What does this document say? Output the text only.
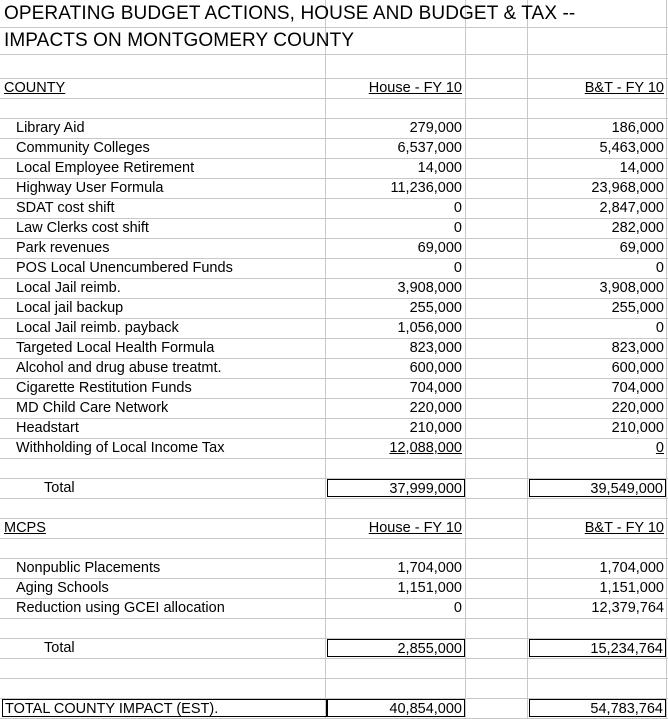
OPERATING BUDGET ACTIONS, HOUSE AND BUDGET & TAX --
IMPACTS ON MONTGOMERY COUNTY
COUNTY	House - FY 10	B&T - FY 10
Library Aid	279,000	186,000
Community Colleges	6,537,000	5,463,000
Local Employee Retirement	14,000	14,000
Highway User Formula	11,236,000	23,968,000
SDAT cost shift	0	2,847,000
Law Clerks cost shift	0	282,000
Park revenues	69,000	69,000
POS Local Unencumbered Funds	0	0
Local Jail reimb.	3,908,000	3,908,000
Local jail backup	255,000	255,000
Local Jail reimb. payback	1,056,000	0
Targeted Local Health Formula	823,000	823,000
Alcohol and drug abuse treatmt.	600,000	600,000
Cigarette Restitution Funds	704,000	704,000
MD Child Care Network	220,000	220,000
Headstart	210,000	210,000
Withholding of Local Income Tax	12,088,000	0
Total	37,999,000	39,549,000
MCPS	House - FY 10	B&T - FY 10
Nonpublic Placements	1,704,000	1,704,000
Aging Schools	1,151,000	1,151,000
Reduction using GCEI allocation	0	12,379,764
Total	2,855,000	15,234,764
TOTAL COUNTY IMPACT (EST).	40,854,000	54,783,764
